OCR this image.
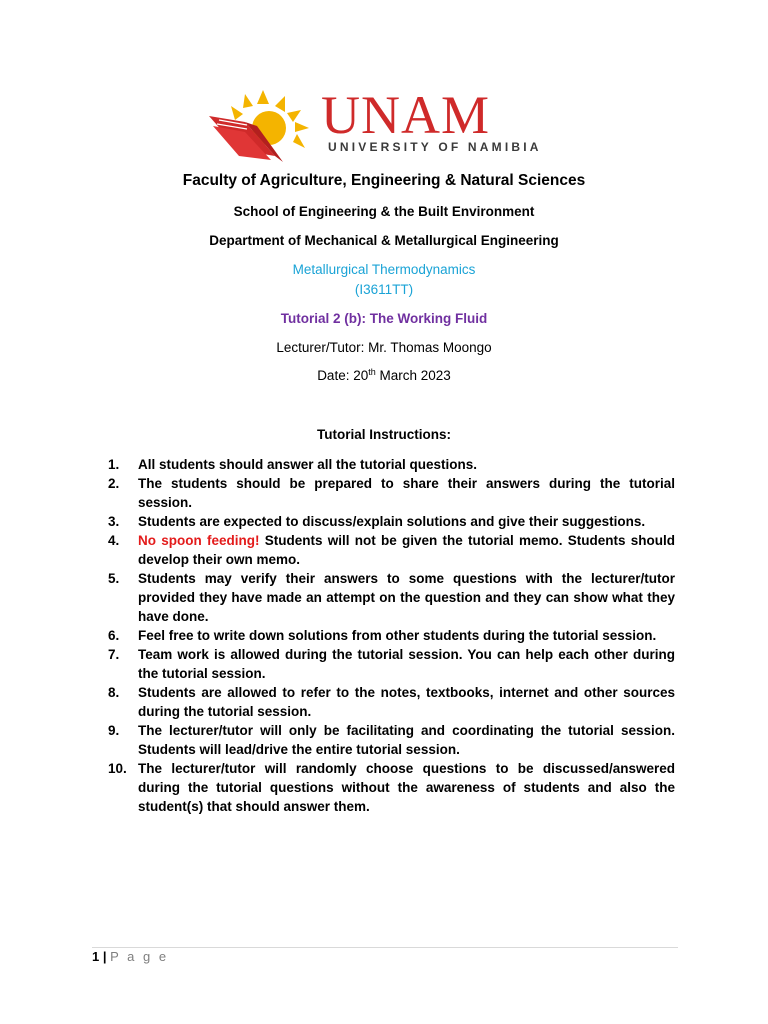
UNAM
UNIVERSITY OF NAMIBIA
Faculty of Agriculture, Engineering & Natural Sciences
School of Engineering & the Built Environment
Department of Mechanical & Metallurgical Engineering
Metallurgical Thermodynamics
(I3611TT)
Tutorial 2 (b): The Working Fluid
Lecturer/Tutor: Mr. Thomas Moongo
Date: 20th March 2023
Tutorial Instructions:
1.	All students should answer all the tutorial questions.
2.	The students should be prepared to share their answers during the tutorial session.
3.	Students are expected to discuss/explain solutions and give their suggestions.
4.	No spoon feeding! Students will not be given the tutorial memo. Students should develop their own memo.
5.	Students may verify their answers to some questions with the lecturer/tutor provided they have made an attempt on the question and they can show what they have done.
6.	Feel free to write down solutions from other students during the tutorial session.
7.	Team work is allowed during the tutorial session. You can help each other during the tutorial session.
8.	Students are allowed to refer to the notes, textbooks, internet and other sources during the tutorial session.
9.	The lecturer/tutor will only be facilitating and coordinating the tutorial session. Students will lead/drive the entire tutorial session.
10. The lecturer/tutor will randomly choose questions to be discussed/answered during the tutorial questions without the awareness of students and also the student(s) that should answer them.
1 | P a g e
